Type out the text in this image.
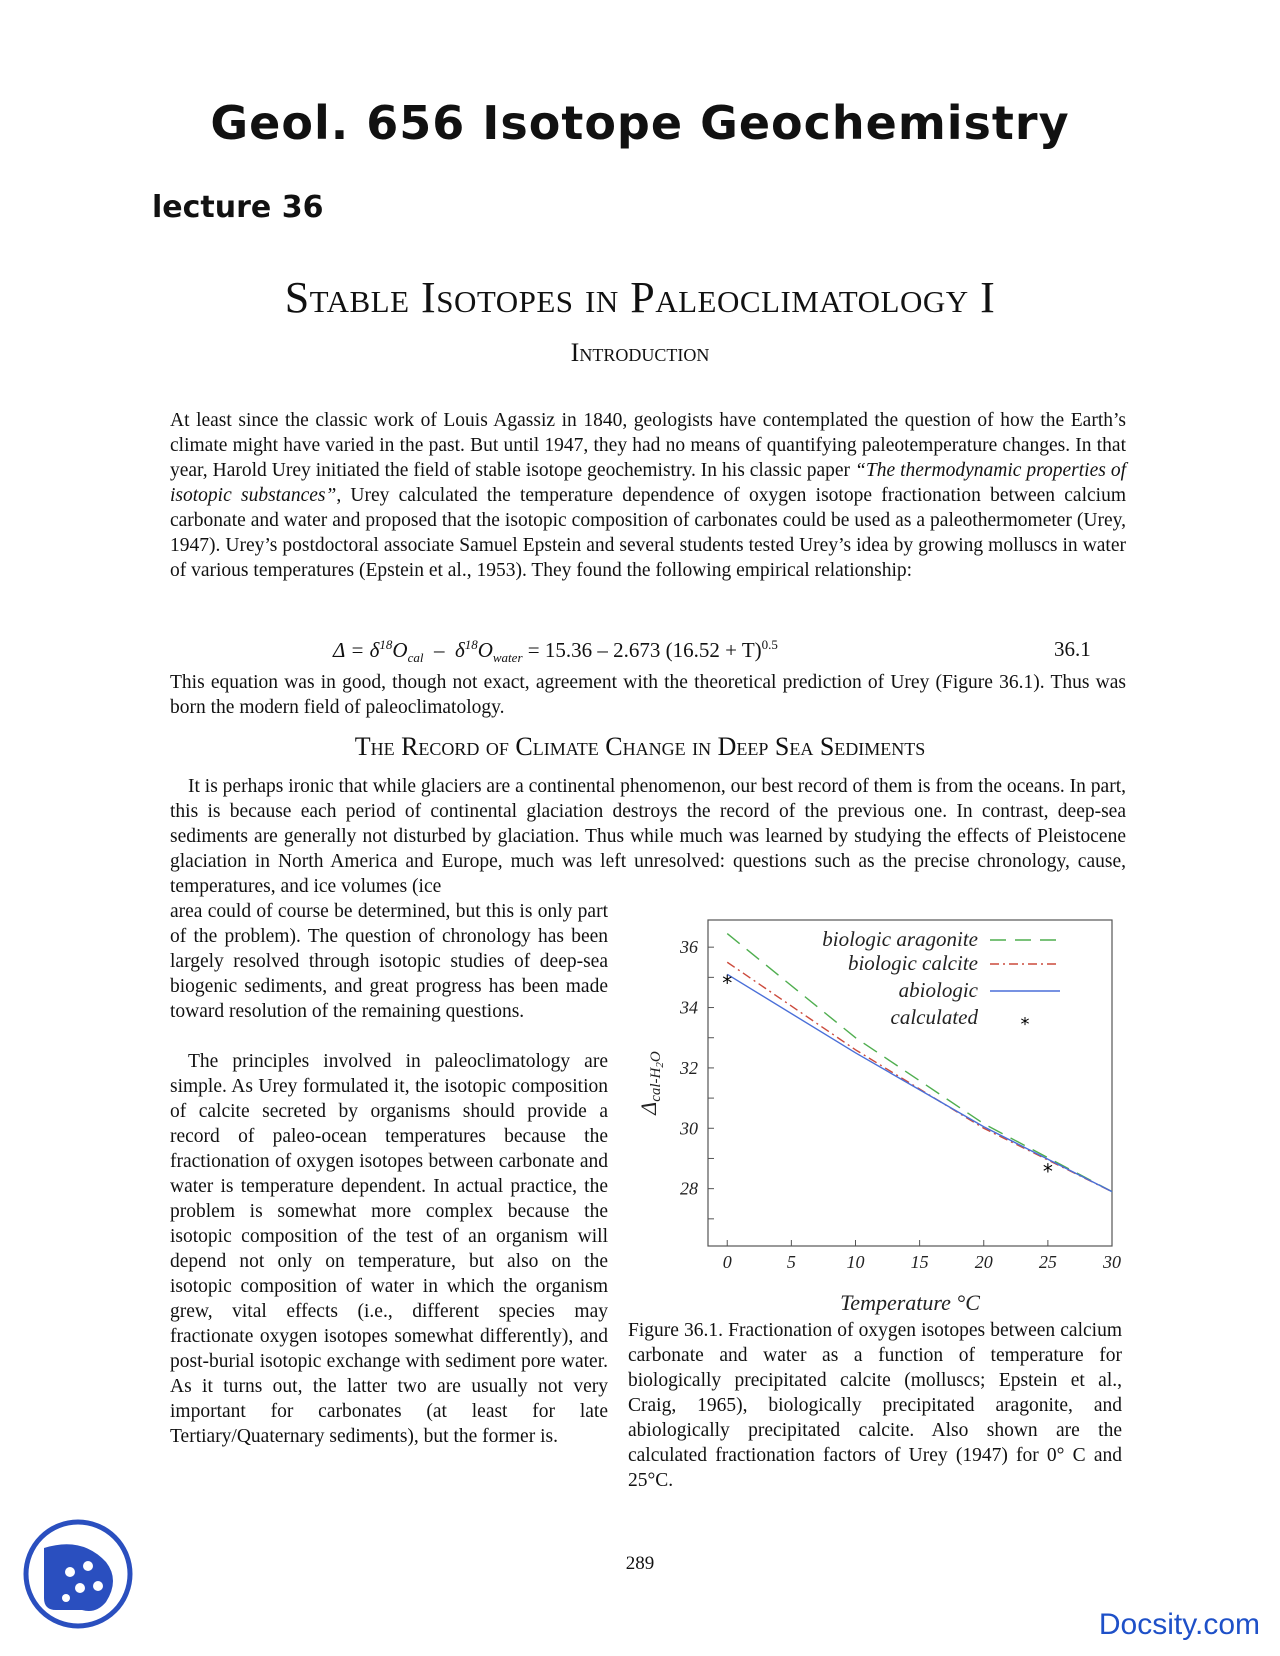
Geol. 656 Isotope Geochemistry
lecture 36
Stable Isotopes in Paleoclimatology I
Introduction

At least since the classic work of Louis Agassiz in 1840, geologists have contemplated the question of how the Earth’s climate might have varied in the past. But until 1947, they had no means of quantifying paleotemperature changes. In that year, Harold Urey initiated the field of stable isotope geochemistry. In his classic paper “The thermodynamic properties of isotopic substances”, Urey calculated the temperature dependence of oxygen isotope fractionation between calcium carbonate and water and proposed that the isotopic composition of carbonates could be used as a paleothermometer (Urey, 1947). Urey’s postdoctoral associate Samuel Epstein and several students tested Urey’s idea by growing molluscs in water of various temperatures (Epstein et al., 1953). They found the following empirical relationship:

$\Delta = \delta^{18}O_{cal} - \delta^{18}O_{water} = 15.36 - 2.673$ $(16.52 + T)^{0.5}$	36.1

This equation was in good, though not exact, agreement with the theoretical prediction of Urey (Figure 36.1). Thus was born the modern field of paleoclimatology.

The Record of Climate Change in Deep Sea Sediments

It is perhaps ironic that while glaciers are a continental phenomenon, our best record of them is from the oceans. In part, this is because each period of continental glaciation destroys the record of the previous one. In contrast, deep-sea sediments are generally not disturbed by glaciation. Thus while much was learned by studying the effects of Pleistocene glaciation in North America and Europe, much was left unresolved: questions such as the precise chronology, cause, temperatures, and ice volumes (ice

area could of course be determined, but this is only part of the problem). The question of chronology has been largely resolved through isotopic studies of deep-sea biogenic sediments, and great progress has been made toward resolution of the remaining questions.

The principles involved in paleoclimatology are simple. As Urey formulated it, the isotopic composition of calcite secreted by organisms should provide a record of paleo-ocean temperatures because the fractionation of oxygen isotopes between carbonate and water is temperature dependent. In actual practice, the problem is somewhat more complex because the isotopic composition of the test of an organism will depend not only on temperature, but also on the isotopic composition of water in which the organism grew, vital effects (i.e., different species may fractionate oxygen isotopes somewhat differently), and post-burial isotopic exchange with sediment pore water. As it turns out, the latter two are usually not very important for carbonates (at least for late Tertiary/Quaternary sediments), but the former is.

0	5	10	15	20	25	30
28
30
32
34
36
*
*
biologic aragonite
biologic calcite
abiologic
calculated *
Δcal-H2O
Temperature °C

Figure 36.1. Fractionation of oxygen isotopes between calcium carbonate and water as a function of temperature for biologically precipitated calcite (molluscs; Epstein et al., Craig, 1965), biologically precipitated aragonite, and abiologically precipitated calcite. Also shown are the calculated fractionation factors of Urey (1947) for 0° C and 25°C.

289
Docsity.com
